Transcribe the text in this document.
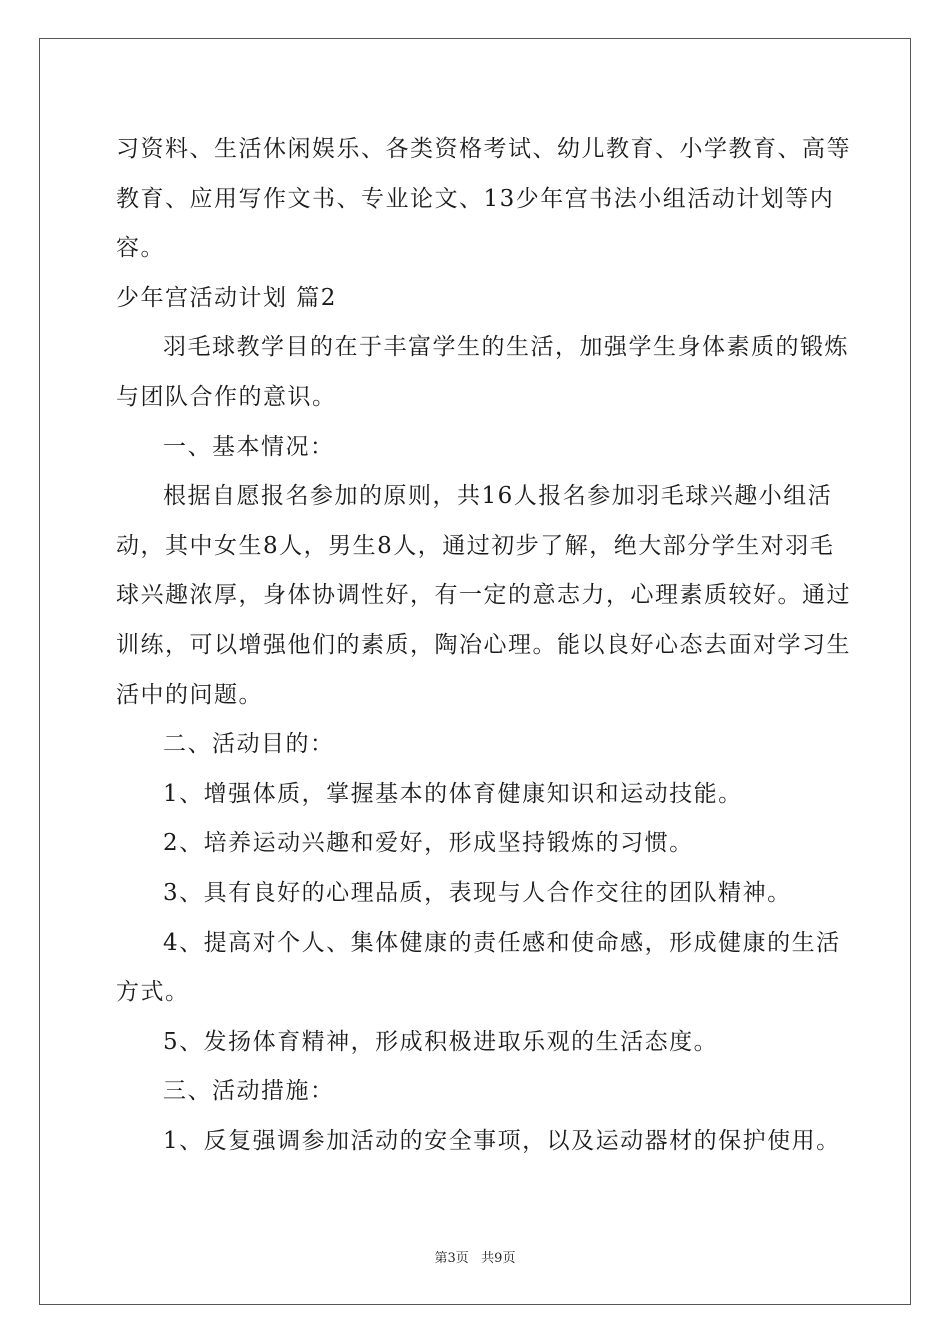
习资料、生活休闲娱乐、各类资格考试、幼儿教育、小学教育、高等
教育、应用写作文书、专业论文、13少年宫书法小组活动计划等内
容。
少年宫活动计划 篇2
羽毛球教学目的在于丰富学生的生活，加强学生身体素质的锻炼
与团队合作的意识。
一、基本情况：
根据自愿报名参加的原则，共16人报名参加羽毛球兴趣小组活
动，其中女生8人，男生8人，通过初步了解，绝大部分学生对羽毛
球兴趣浓厚，身体协调性好，有一定的意志力，心理素质较好。通过
训练，可以增强他们的素质，陶冶心理。能以良好心态去面对学习生
活中的问题。
二、活动目的：
1、增强体质，掌握基本的体育健康知识和运动技能。
2、培养运动兴趣和爱好，形成坚持锻炼的习惯。
3、具有良好的心理品质，表现与人合作交往的团队精神。
4、提高对个人、集体健康的责任感和使命感，形成健康的生活
方式。
5、发扬体育精神，形成积极进取乐观的生活态度。
三、活动措施：
1、反复强调参加活动的安全事项，以及运动器材的保护使用。
第3页   共9页
